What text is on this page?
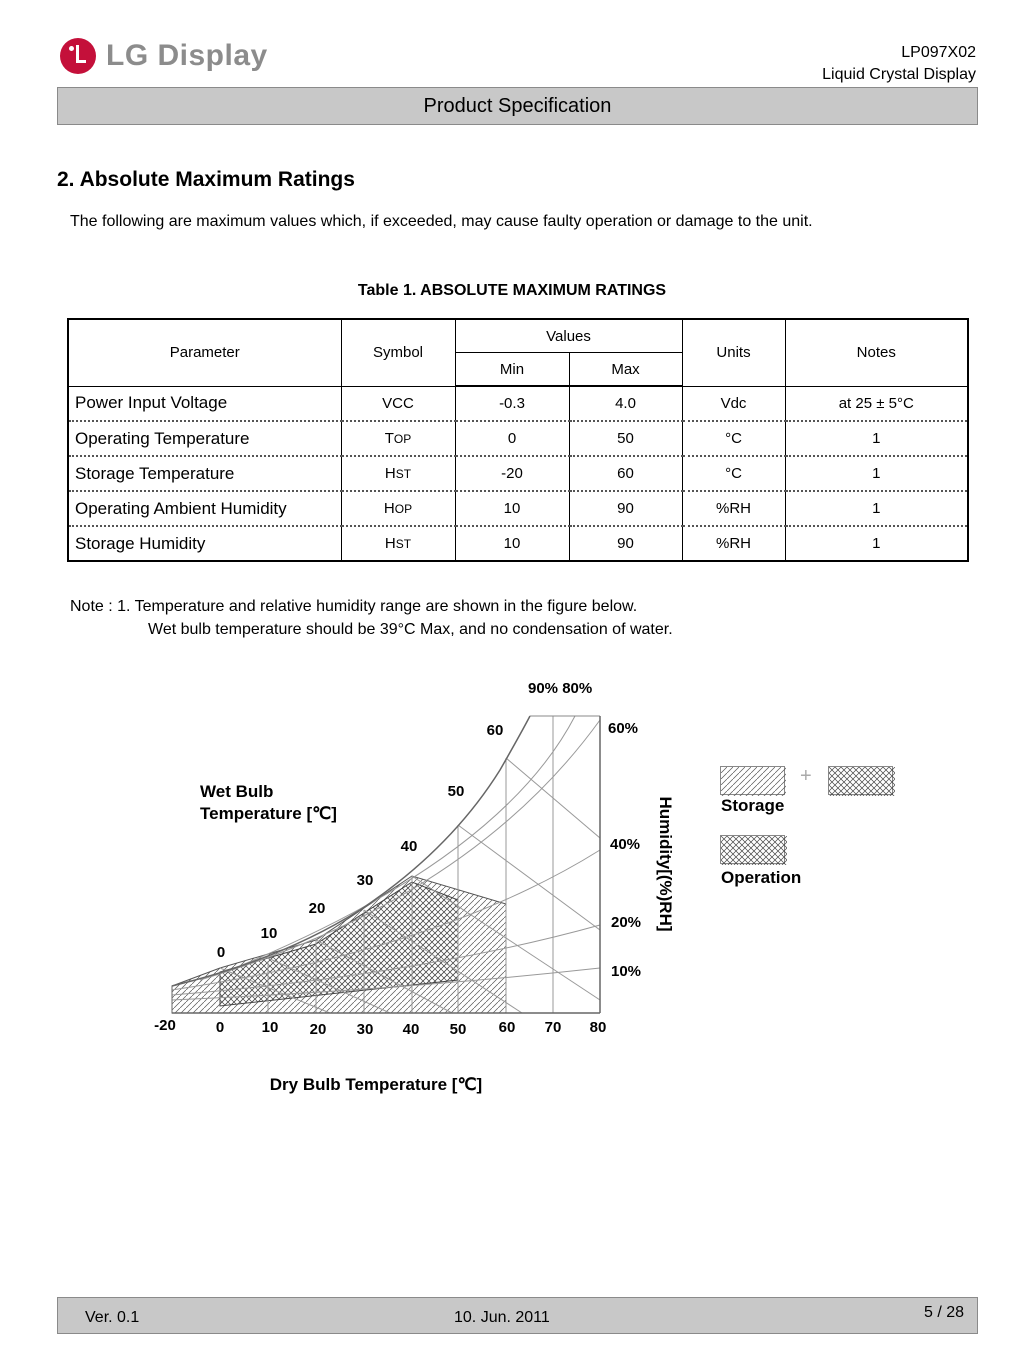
LG Display	LP097X02
Liquid Crystal Display
Product Specification
2. Absolute Maximum Ratings
The following are maximum values which, if exceeded, may cause faulty operation or damage to the unit.
Table 1. ABSOLUTE MAXIMUM RATINGS
Parameter	Symbol	Values		Units	Notes
		Min	Max		
Power Input Voltage	VCC	-0.3	4.0	Vdc	at 25 ± 5°C
Operating Temperature	TOP	0	50	°C	1
Storage Temperature	HST	-20	60	°C	1
Operating Ambient Humidity	HOP	10	90	%RH	1
Storage Humidity	HST	10	90	%RH	1
Note : 1. Temperature and relative humidity range are shown in the figure below.
Wet bulb temperature should be 39°C Max, and no condensation of water.
-20	0 10 20 30 40 50 60 70 80
0
10
20
30
40
50
60
90% 80%
60%
40%
20%
10%
Wet Bulb
Temperature [℃]
Dry Bulb Temperature [℃]
Humidity[(%)RH]
+
Storage
Operation
Ver. 0.1	10. Jun. 2011	5 / 28
